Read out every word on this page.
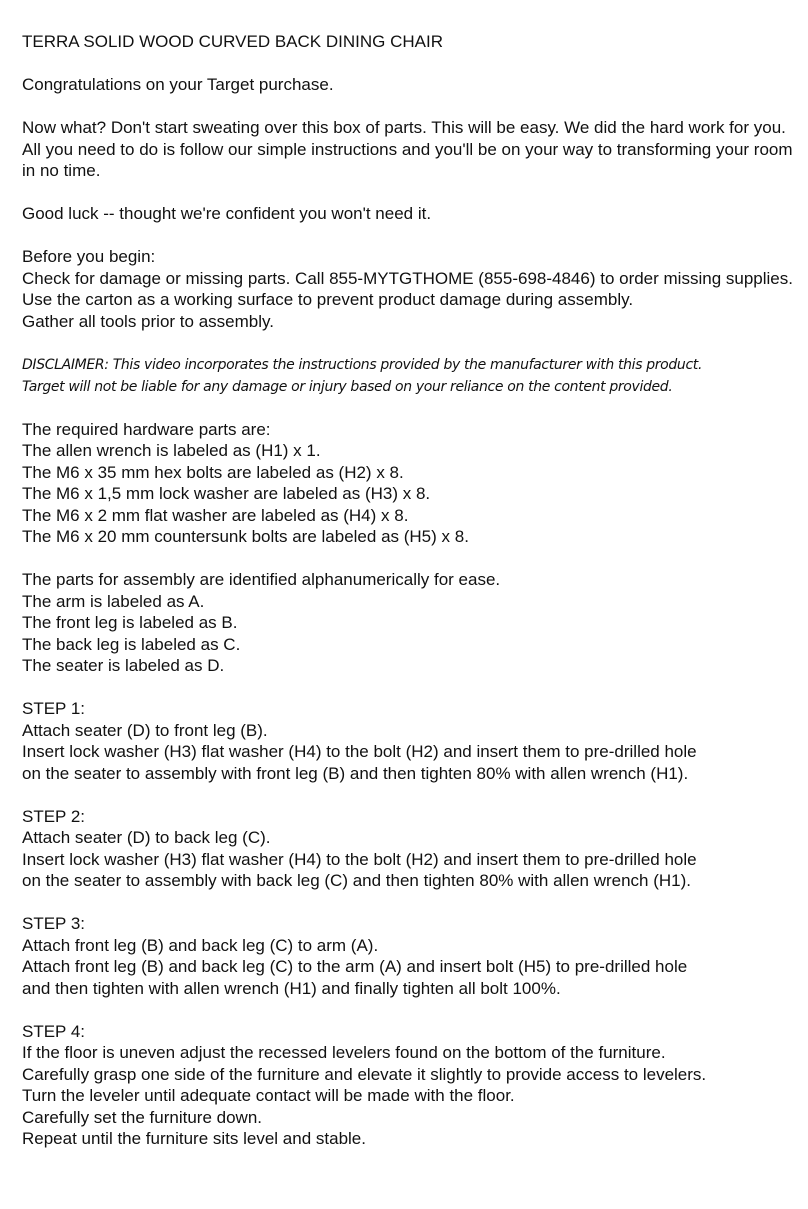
TERRA SOLID WOOD CURVED BACK DINING CHAIR

Congratulations on your Target purchase.

Now what? Don't start sweating over this box of parts. This will be easy. We did the hard work for you. All you need to do is follow our simple instructions and you'll be on your way to transforming your room in no time.

Good luck -- thought we're confident you won't need it.

Before you begin:
Check for damage or missing parts. Call 855-MYTGTHOME (855-698-4846) to order missing supplies.
Use the carton as a working surface to prevent product damage during assembly.
Gather all tools prior to assembly.

DISCLAIMER: This video incorporates the instructions provided by the manufacturer with this product.
Target will not be liable for any damage or injury based on your reliance on the content provided.

The required hardware parts are:
The allen wrench is labeled as (H1) x 1.
The M6 x 35 mm hex bolts are labeled as (H2) x 8.
The M6 x 1,5 mm lock washer are labeled as (H3) x 8.
The M6 x 2 mm flat washer are labeled as (H4) x 8.
The M6 x 20 mm countersunk bolts are labeled as (H5) x 8.

The parts for assembly are identified alphanumerically for ease.
The arm is labeled as A.
The front leg is labeled as B.
The back leg is labeled as C.
The seater is labeled as D.

STEP 1:
Attach seater (D) to front leg (B).
Insert lock washer (H3) flat washer (H4) to the bolt (H2) and insert them to pre-drilled hole
on the seater to assembly with front leg (B) and then tighten 80% with allen wrench (H1).

STEP 2:
Attach seater (D) to back leg (C).
Insert lock washer (H3) flat washer (H4) to the bolt (H2) and insert them to pre-drilled hole
on the seater to assembly with back leg (C) and then tighten 80% with allen wrench (H1).

STEP 3:
Attach front leg (B) and back leg (C) to arm (A).
Attach front leg (B) and back leg (C) to the arm (A) and insert bolt (H5) to pre-drilled hole
and then tighten with allen wrench (H1) and finally tighten all bolt 100%.

STEP 4:
If the floor is uneven adjust the recessed levelers found on the bottom of the furniture.
Carefully grasp one side of the furniture and elevate it slightly to provide access to levelers.
Turn the leveler until adequate contact will be made with the floor.
Carefully set the furniture down.
Repeat until the furniture sits level and stable.
